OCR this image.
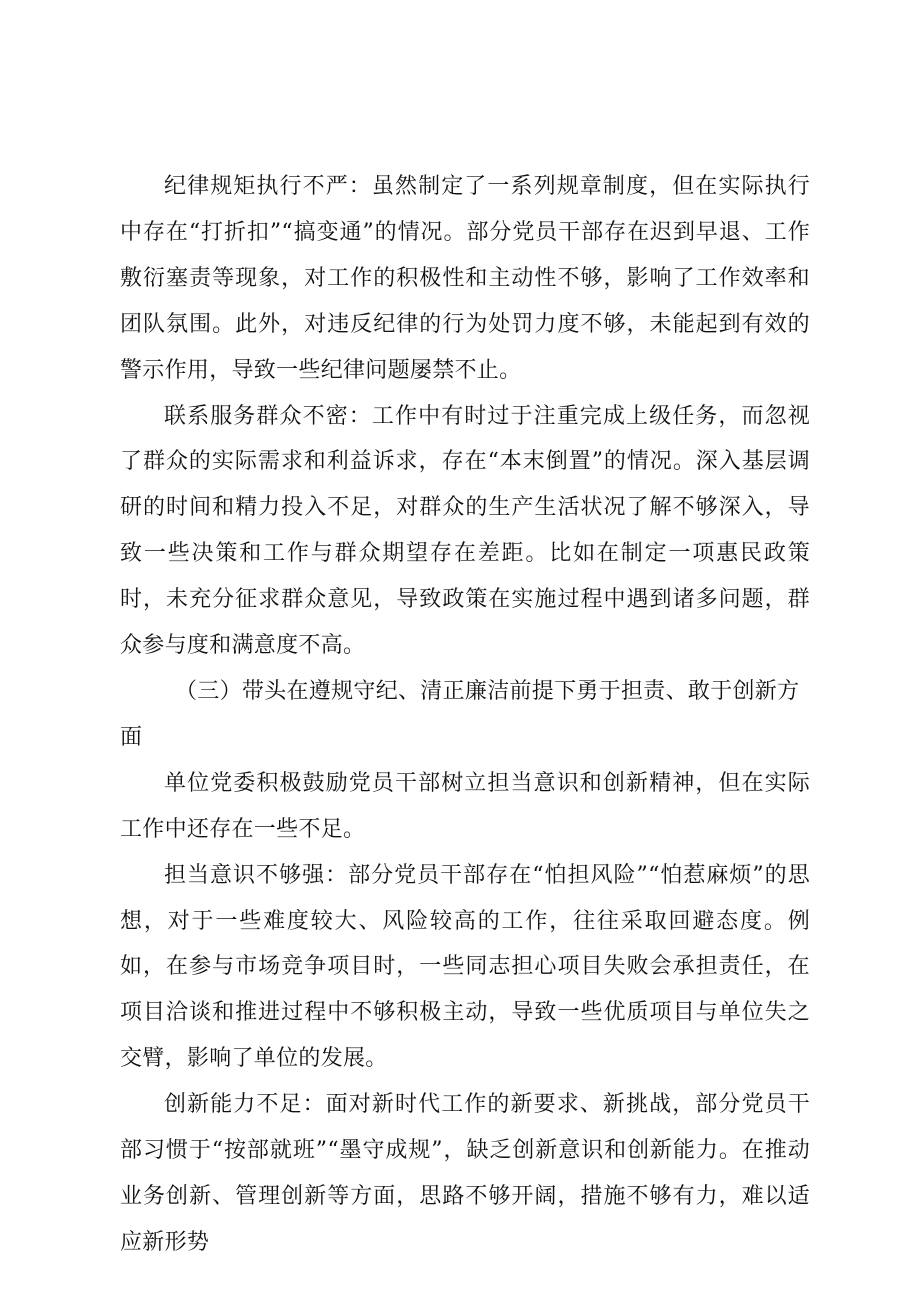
纪律规矩执行不严：虽然制定了一系列规章制度，但在实际执行中存在“打折扣”“搞变通”的情况。部分党员干部存在迟到早退、工作敷衍塞责等现象，对工作的积极性和主动性不够，影响了工作效率和团队氛围。此外，对违反纪律的行为处罚力度不够，未能起到有效的警示作用，导致一些纪律问题屡禁不止。

联系服务群众不密：工作中有时过于注重完成上级任务，而忽视了群众的实际需求和利益诉求，存在“本末倒置”的情况。深入基层调研的时间和精力投入不足，对群众的生产生活状况了解不够深入，导致一些决策和工作与群众期望存在差距。比如在制定一项惠民政策时，未充分征求群众意见，导致政策在实施过程中遇到诸多问题，群众参与度和满意度不高。

（三）带头在遵规守纪、清正廉洁前提下勇于担责、敢于创新方面

单位党委积极鼓励党员干部树立担当意识和创新精神，但在实际工作中还存在一些不足。

担当意识不够强：部分党员干部存在“怕担风险”“怕惹麻烦”的思想，对于一些难度较大、风险较高的工作，往往采取回避态度。例如，在参与市场竞争项目时，一些同志担心项目失败会承担责任，在项目洽谈和推进过程中不够积极主动，导致一些优质项目与单位失之交臂，影响了单位的发展。

创新能力不足：面对新时代工作的新要求、新挑战，部分党员干部习惯于“按部就班”“墨守成规”，缺乏创新意识和创新能力。在推动业务创新、管理创新等方面，思路不够开阔，措施不够有力，难以适应新形势
